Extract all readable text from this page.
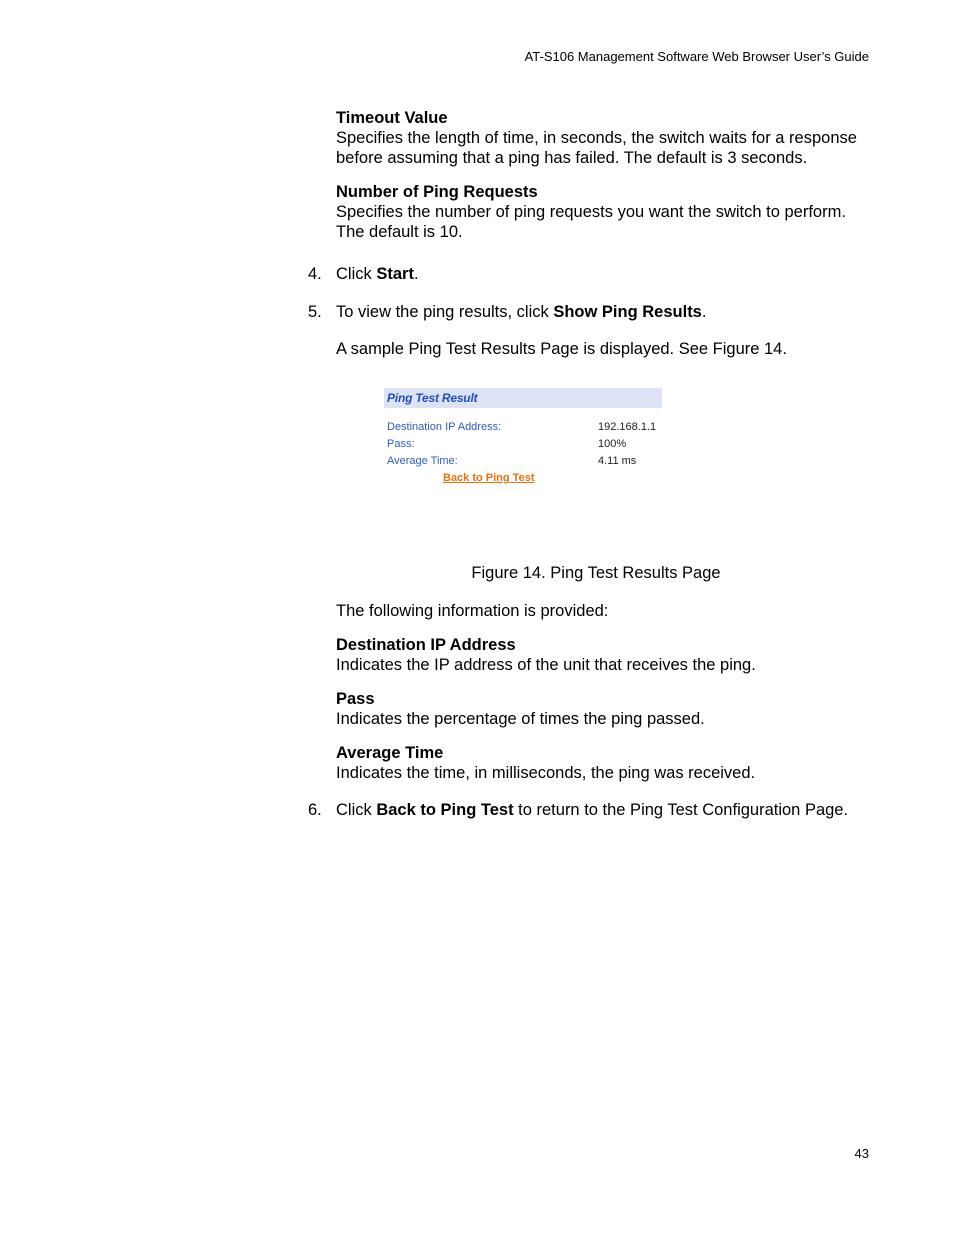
AT-S106 Management Software Web Browser User’s Guide
Timeout Value
Specifies the length of time, in seconds, the switch waits for a response before assuming that a ping has failed. The default is 3 seconds.
Number of Ping Requests
Specifies the number of ping requests you want the switch to perform. The default is 10.
4. Click Start.
5. To view the ping results, click Show Ping Results.
A sample Ping Test Results Page is displayed. See Figure 14.
Ping Test Result
Destination IP Address:	192.168.1.1
Pass:	100%
Average Time:	4.11 ms
Back to Ping Test
Figure 14. Ping Test Results Page
The following information is provided:
Destination IP Address
Indicates the IP address of the unit that receives the ping.
Pass
Indicates the percentage of times the ping passed.
Average Time
Indicates the time, in milliseconds, the ping was received.
6. Click Back to Ping Test to return to the Ping Test Configuration Page.
43
